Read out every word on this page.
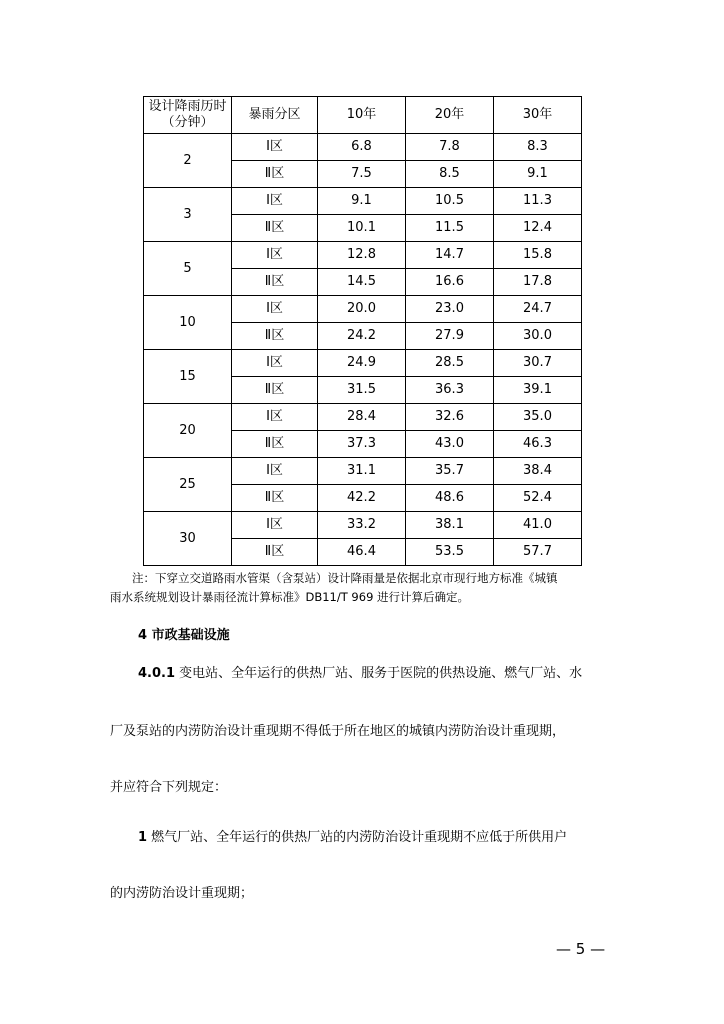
设计降雨历时（分钟）	暴雨分区	10年	20年	30年
2	Ⅰ区	6.8	7.8	8.3
	Ⅱ区	7.5	8.5	9.1
3	Ⅰ区	9.1	10.5	11.3
	Ⅱ区	10.1	11.5	12.4
5	Ⅰ区	12.8	14.7	15.8
	Ⅱ区	14.5	16.6	17.8
10	Ⅰ区	20.0	23.0	24.7
	Ⅱ区	24.2	27.9	30.0
15	Ⅰ区	24.9	28.5	30.7
	Ⅱ区	31.5	36.3	39.1
20	Ⅰ区	28.4	32.6	35.0
	Ⅱ区	37.3	43.0	46.3
25	Ⅰ区	31.1	35.7	38.4
	Ⅱ区	42.2	48.6	52.4
30	Ⅰ区	33.2	38.1	41.0
	Ⅱ区	46.4	53.5	57.7
注：下穿立交道路雨水管渠（含泵站）设计降雨量是依据北京市现行地方标准《城镇
雨水系统规划设计暴雨径流计算标准》DB11/T 969 进行计算后确定。
4 市政基础设施
4.0.1 变电站、全年运行的供热厂站、服务于医院的供热设施、燃气厂站、水
厂及泵站的内涝防治设计重现期不得低于所在地区的城镇内涝防治设计重现期，
并应符合下列规定：
1 燃气厂站、全年运行的供热厂站的内涝防治设计重现期不应低于所供用户
的内涝防治设计重现期；
— 5 —
